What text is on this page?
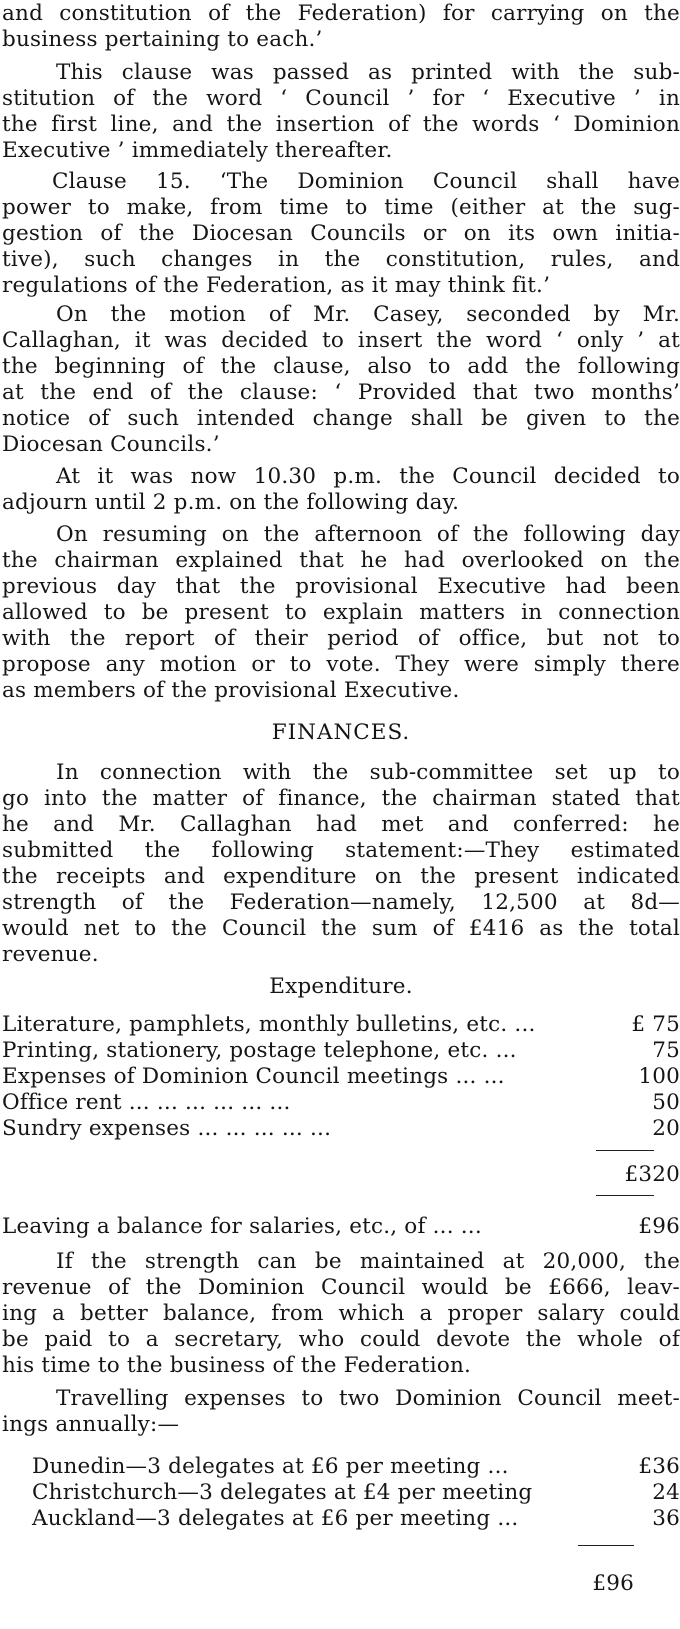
and constitution of the Federation) for carrying on the
business pertaining to each.’
This clause was passed as printed with the sub-
stitution of the word ‘ Council ’ for ‘ Executive ’ in
the first line, and the insertion of the words ‘ Dominion
Executive ’ immediately thereafter.
Clause 15. ‘The Dominion Council shall have
power to make, from time to time (either at the sug-
gestion of the Diocesan Councils or on its own initia-
tive), such changes in the constitution, rules, and
regulations of the Federation, as it may think fit.’
On the motion of Mr. Casey, seconded by Mr.
Callaghan, it was decided to insert the word ‘ only ’ at
the beginning of the clause, also to add the following
at the end of the clause: ‘ Provided that two months’
notice of such intended change shall be given to the
Diocesan Councils.’
At it was now 10.30 p.m. the Council decided to
adjourn until 2 p.m. on the following day.
On resuming on the afternoon of the following day
the chairman explained that he had overlooked on the
previous day that the provisional Executive had been
allowed to be present to explain matters in connection
with the report of their period of office, but not to
propose any motion or to vote. They were simply there
as members of the provisional Executive.
FINANCES.
In connection with the sub-committee set up to
go into the matter of finance, the chairman stated that
he and Mr. Callaghan had met and conferred: he
submitted the following statement:—They estimated
the receipts and expenditure on the present indicated
strength of the Federation—namely, 12,500 at 8d—
would net to the Council the sum of £416 as the total
revenue.
Expenditure.
Literature, pamphlets, monthly bulletins, etc. ...	£ 75
Printing, stationery, postage telephone, etc. ...	75
Expenses of Dominion Council meetings ... ...	100
Office rent ... ... ... ... ... ...	50
Sundry expenses ... ... ... ... ...	20
£320
Leaving a balance for salaries, etc., of ... ...	£96
If the strength can be maintained at 20,000, the
revenue of the Dominion Council would be £666, leav-
ing a better balance, from which a proper salary could
be paid to a secretary, who could devote the whole of
his time to the business of the Federation.
Travelling expenses to two Dominion Council meet-
ings annually:—
Dunedin—3 delegates at £6 per meeting ...	£36
Christchurch—3 delegates at £4 per meeting	24
Auckland—3 delegates at £6 per meeting ...	36
£96
